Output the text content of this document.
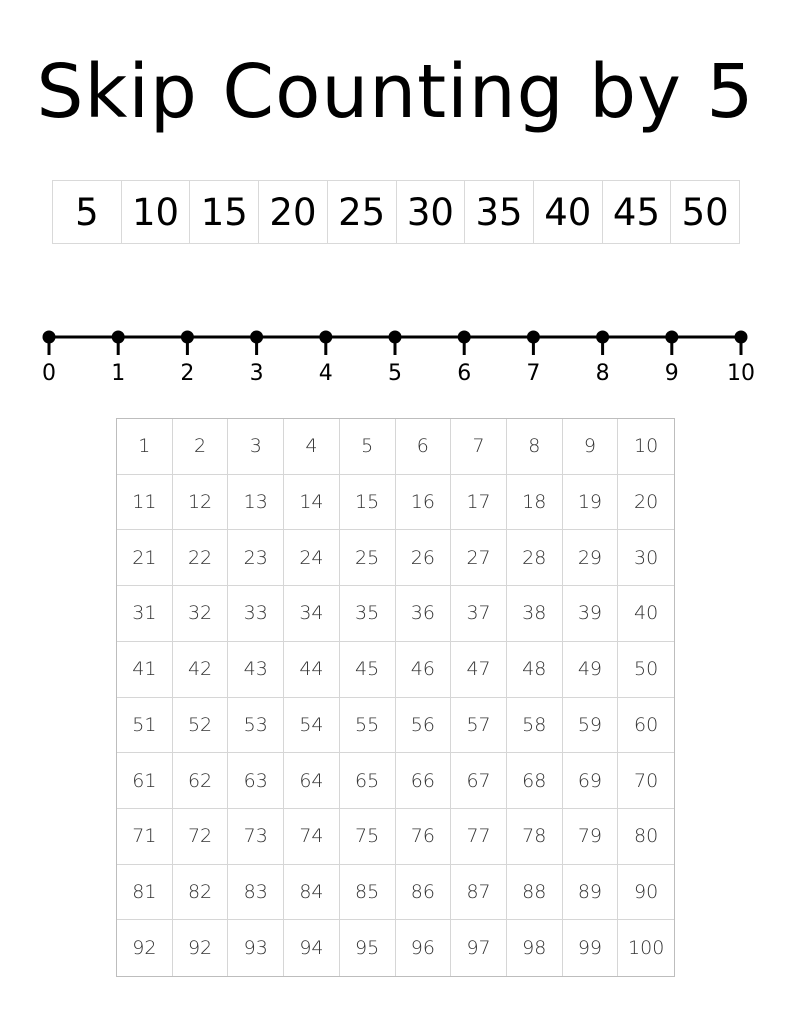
Skip Counting by 5
5 10 15 20 25 30 35 40 45 50
0	1	2	3	4	5	6	7	8	9 10
1	2	3	4	5	6	7	8	9	10
11	12	13	14	15	16	17	18	19	20
21	22	23	24	25	26	27	28	29	30
31	32	33	34	35	36	37	38	39	40
41	42	43	44	45	46	47	48	49	50
51	52	53	54	55	56	57	58	59	60
61	62	63	64	65	66	67	68	69	70
71	72	73	74	75	76	77	78	79	80
81	82	83	84	85	86	87	88	89	90
92	92	93	94	95	96	97	98	99	100
